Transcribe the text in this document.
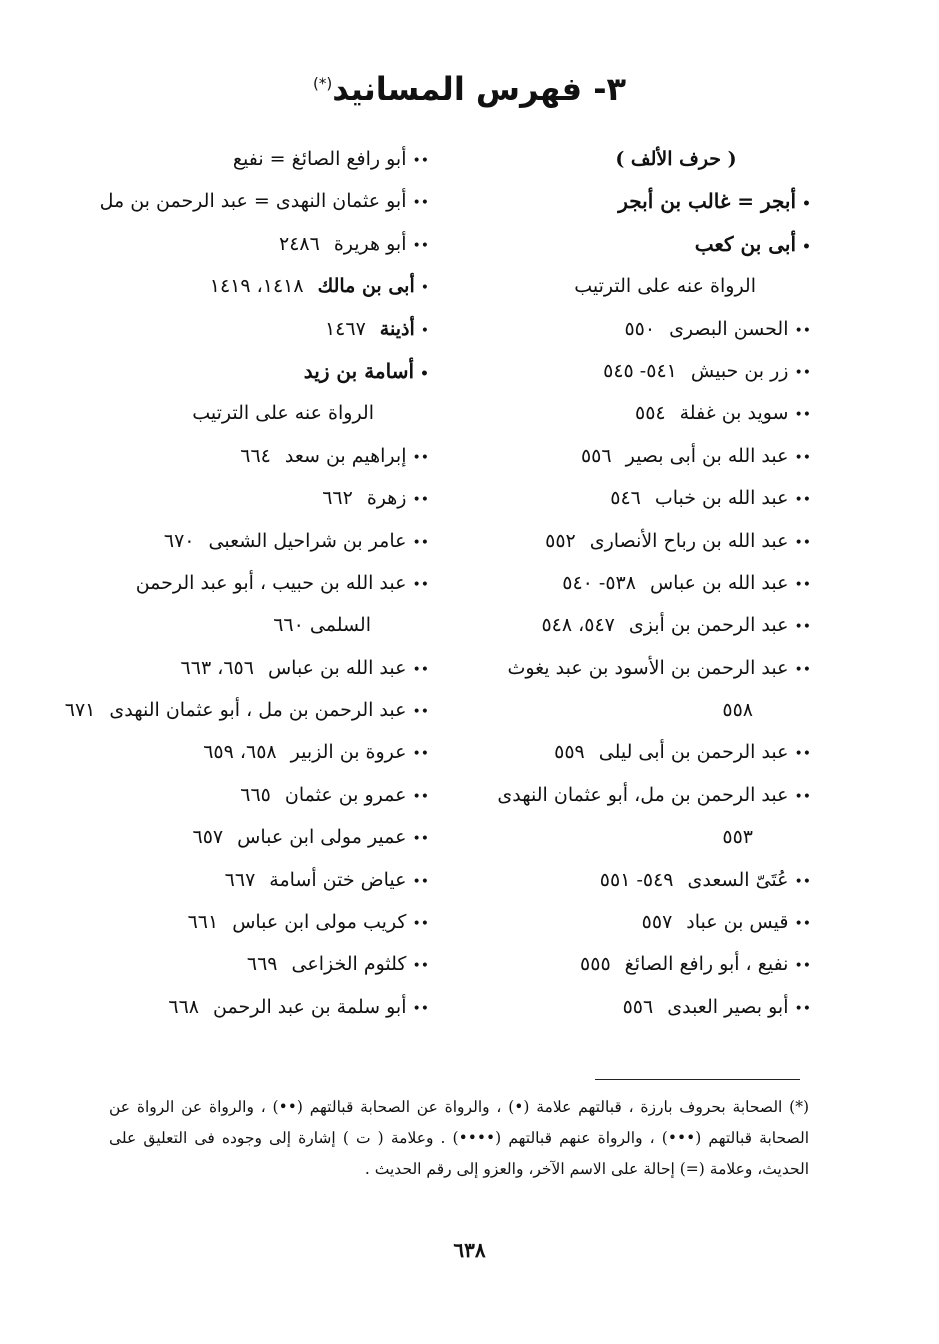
٣- فهرس المسانيد(*)
( حرف الألف )
•أبجر = غالب بن أبجر
•أبى بن كعب
الرواة عنه على الترتيب
••الحسن البصرى٥٥٠
••زر بن حبيش٥٤١- ٥٤٥
••سويد بن غفلة٥٥٤
••عبد الله بن أبى بصير٥٥٦
••عبد الله بن خباب٥٤٦
••عبد الله بن رباح الأنصارى٥٥٢
••عبد الله بن عباس٥٣٨- ٥٤٠
••عبد الرحمن بن أبزى٥٤٧، ٥٤٨
••عبد الرحمن بن الأسود بن عبد يغوث
٥٥٨
••عبد الرحمن بن أبى ليلى٥٥٩
••عبد الرحمن بن مل، أبو عثمان النهدى
٥٥٣
••عُتَىّ السعدى٥٤٩- ٥٥١
••قيس بن عباد٥٥٧
••نفيع ، أبو رافع الصائغ٥٥٥
••أبو بصير العبدى٥٥٦
••أبو رافع الصائغ = نفيع
••أبو عثمان النهدى = عبد الرحمن بن مل
••أبو هريرة٢٤٨٦
•أبى بن مالك١٤١٨، ١٤١٩
•أذينة١٤٦٧
•أسامة بن زيد
الرواة عنه على الترتيب
••إبراهيم بن سعد٦٦٤
••زهرة٦٦٢
••عامر بن شراحيل الشعبى٦٧٠
••عبد الله بن حبيب ، أبو عبد الرحمن
السلمى ٦٦٠
••عبد الله بن عباس٦٥٦، ٦٦٣
••عبد الرحمن بن مل ، أبو عثمان النهدى٦٧١
••عروة بن الزبير٦٥٨، ٦٥٩
••عمرو بن عثمان٦٦٥
••عمير مولى ابن عباس٦٥٧
••عياض ختن أسامة٦٦٧
••كريب مولى ابن عباس٦٦١
••كلثوم الخزاعى٦٦٩
••أبو سلمة بن عبد الرحمن٦٦٨
(*) الصحابة بحروف بارزة ، قبالتهم علامة (•) ، والرواة عن الصحابة قبالتهم (••) ، والرواة عن الرواة عن الصحابة قبالتهم (•••) ، والرواة عنهم قبالتهم (••••) . وعلامة ( ت ) إشارة إلى وجوده فى التعليق على الحديث، وعلامة (=) إحالة على الاسم الآخر، والعزو إلى رقم الحديث .
٦٣٨
